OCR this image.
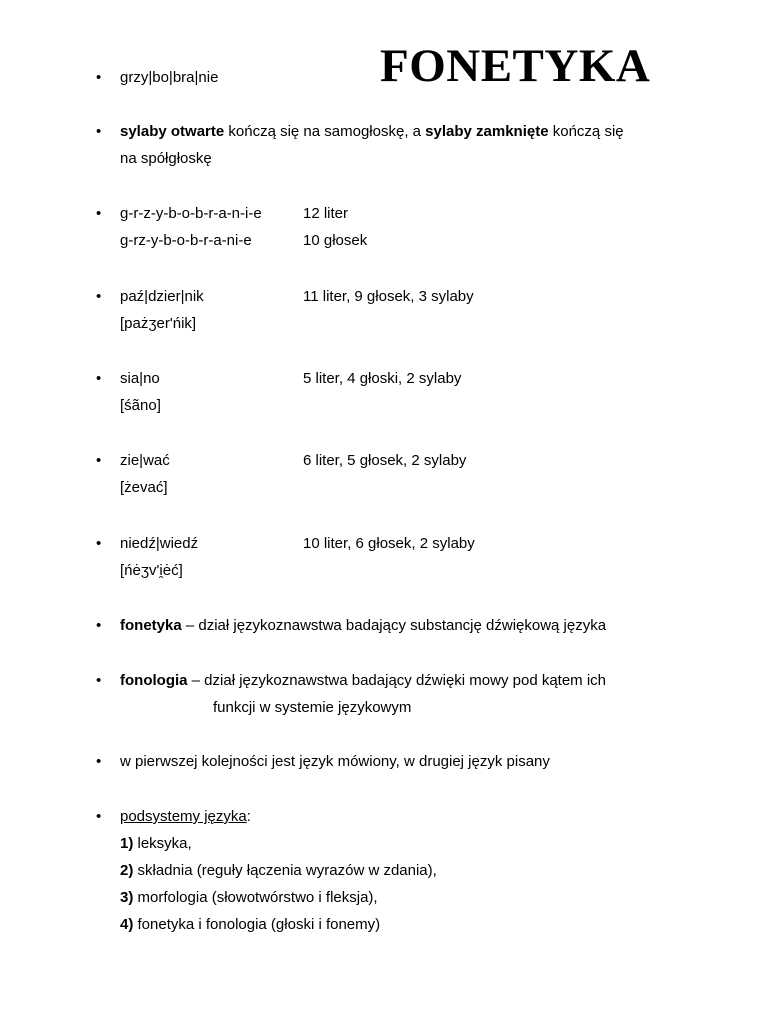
FONETYKA
• grzy|bo|bra|nie
• sylaby otwarte kończą się na samogłoskę, a sylaby zamknięte kończą się
na spółgłoskę
• g-r-z-y-b-o-b-r-a-n-i-e	12 liter
g-rz-y-b-o-b-r-a-ni-e	10 głosek
• paź|dzier|nik	11 liter, 9 głosek, 3 sylaby
[pażʒer'ńik]
• sia|no	5 liter, 4 głoski, 2 sylaby
[śãno]
• zie|wać	6 liter, 5 głosek, 2 sylaby
[żevać]
• niedź|wiedź	10 liter, 6 głosek, 2 sylaby
[ńėʒv'i̯ėć]
• fonetyka – dział językoznawstwa badający substancję dźwiękową języka
• fonologia – dział językoznawstwa badający dźwięki mowy pod kątem ich
funkcji w systemie językowym
• w pierwszej kolejności jest język mówiony, w drugiej język pisany
• podsystemy języka:
1) leksyka,
2) składnia (reguły łączenia wyrazów w zdania),
3) morfologia (słowotwórstwo i fleksja),
4) fonetyka i fonologia (głoski i fonemy)
